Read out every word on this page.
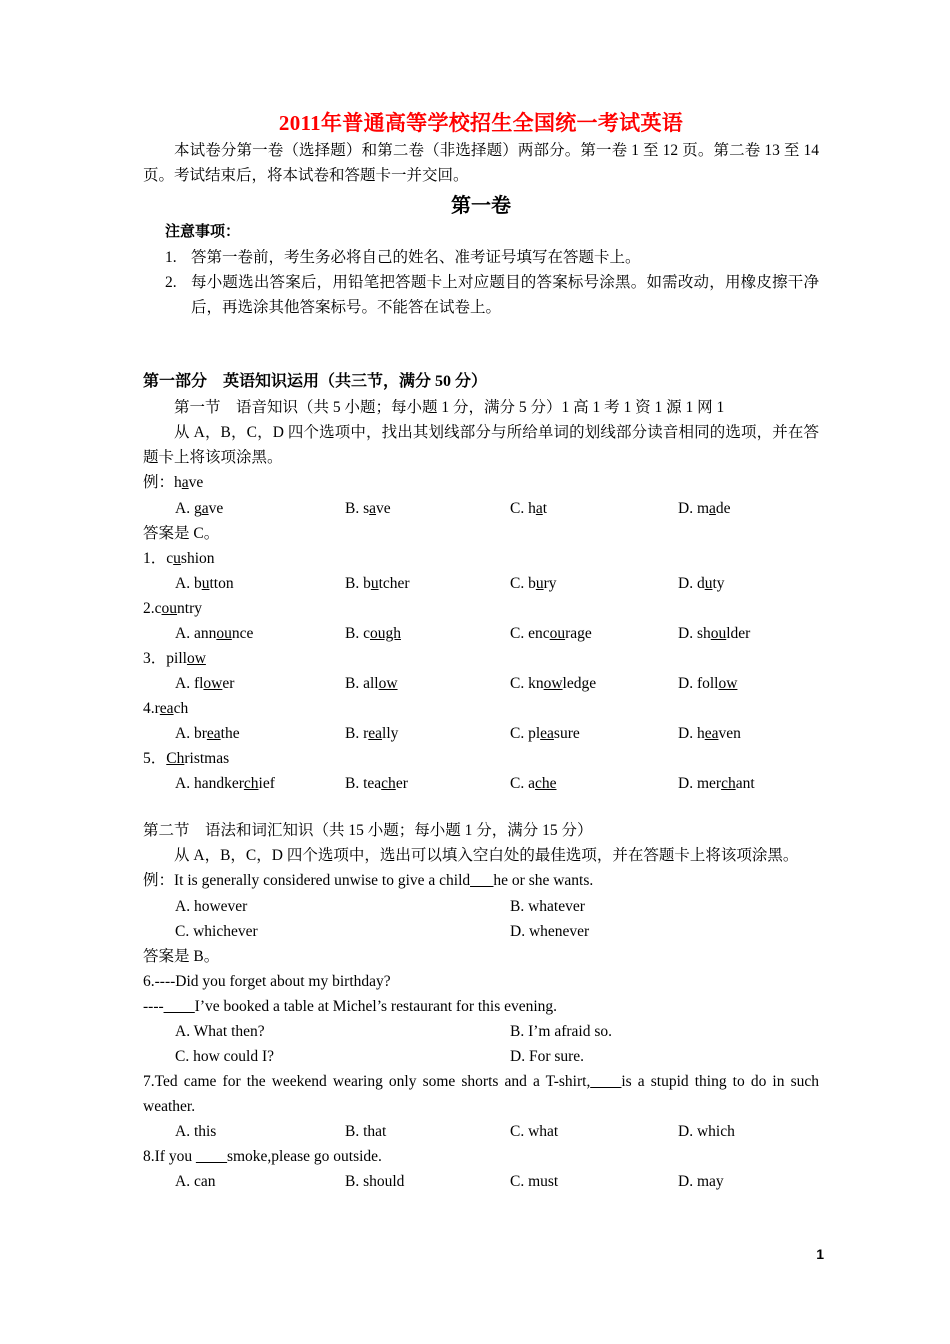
2011年普通高等学校招生全国统一考试英语

本试卷分第一卷（选择题）和第二卷（非选择题）两部分。第一卷 1 至 12 页。第二卷 13 至 14 页。考试结束后，将本试卷和答题卡一并交回。

第一卷
注意事项：
1. 答第一卷前，考生务必将自己的姓名、准考证号填写在答题卡上。
2. 每小题选出答案后，用铅笔把答题卡上对应题目的答案标号涂黑。如需改动，用橡皮擦干净后，再选涂其他答案标号。不能答在试卷上。
第一部分　英语知识运用（共三节，满分 50 分）

第一节　语音知识（共 5 小题；每小题 1 分，满分 5 分）1 高 1 考 1 资 1 源 1 网 1

从 A，B，C，D 四个选项中，找出其划线部分与所给单词的划线部分读音相同的选项，并在答题卡上将该项涂黑。

例：have

A. gave	B. save	C. hat	D. made

答案是 C。

1．cushion

A. button	B. butcher	C. bury	D. duty

2.country

A. announce	B. cough	C. encourage	D. shoulder

3．pillow

A. flower	B. allow	C. knowledge	D. follow

4.reach

A. breathe	B. really	C. pleasure	D. heaven

5．Christmas

A. handkerchief	B. teacher	C. ache	D. merchant

第二节　语法和词汇知识（共 15 小题；每小题 1 分，满分 15 分）

从 A，B，C，D 四个选项中，选出可以填入空白处的最佳选项，并在答题卡上将该项涂黑。

例：It is generally considered unwise to give a child___he or she wants.

A. however	B. whatever
C. whichever	D. whenever

答案是 B。

6.----Did you forget about my birthday?

----____I’ve booked a table at Michel’s restaurant for this evening.

A. What then?	B. I’m afraid so.
C. how could I?	D. For sure.

7.Ted came for the weekend wearing only some shorts and a T-shirt,____is a stupid thing to do in such weather.

A. this	B. that	C. what	D. which

8.If you ____smoke,please go outside.

A. can	B. should	C. must	D. may
1
